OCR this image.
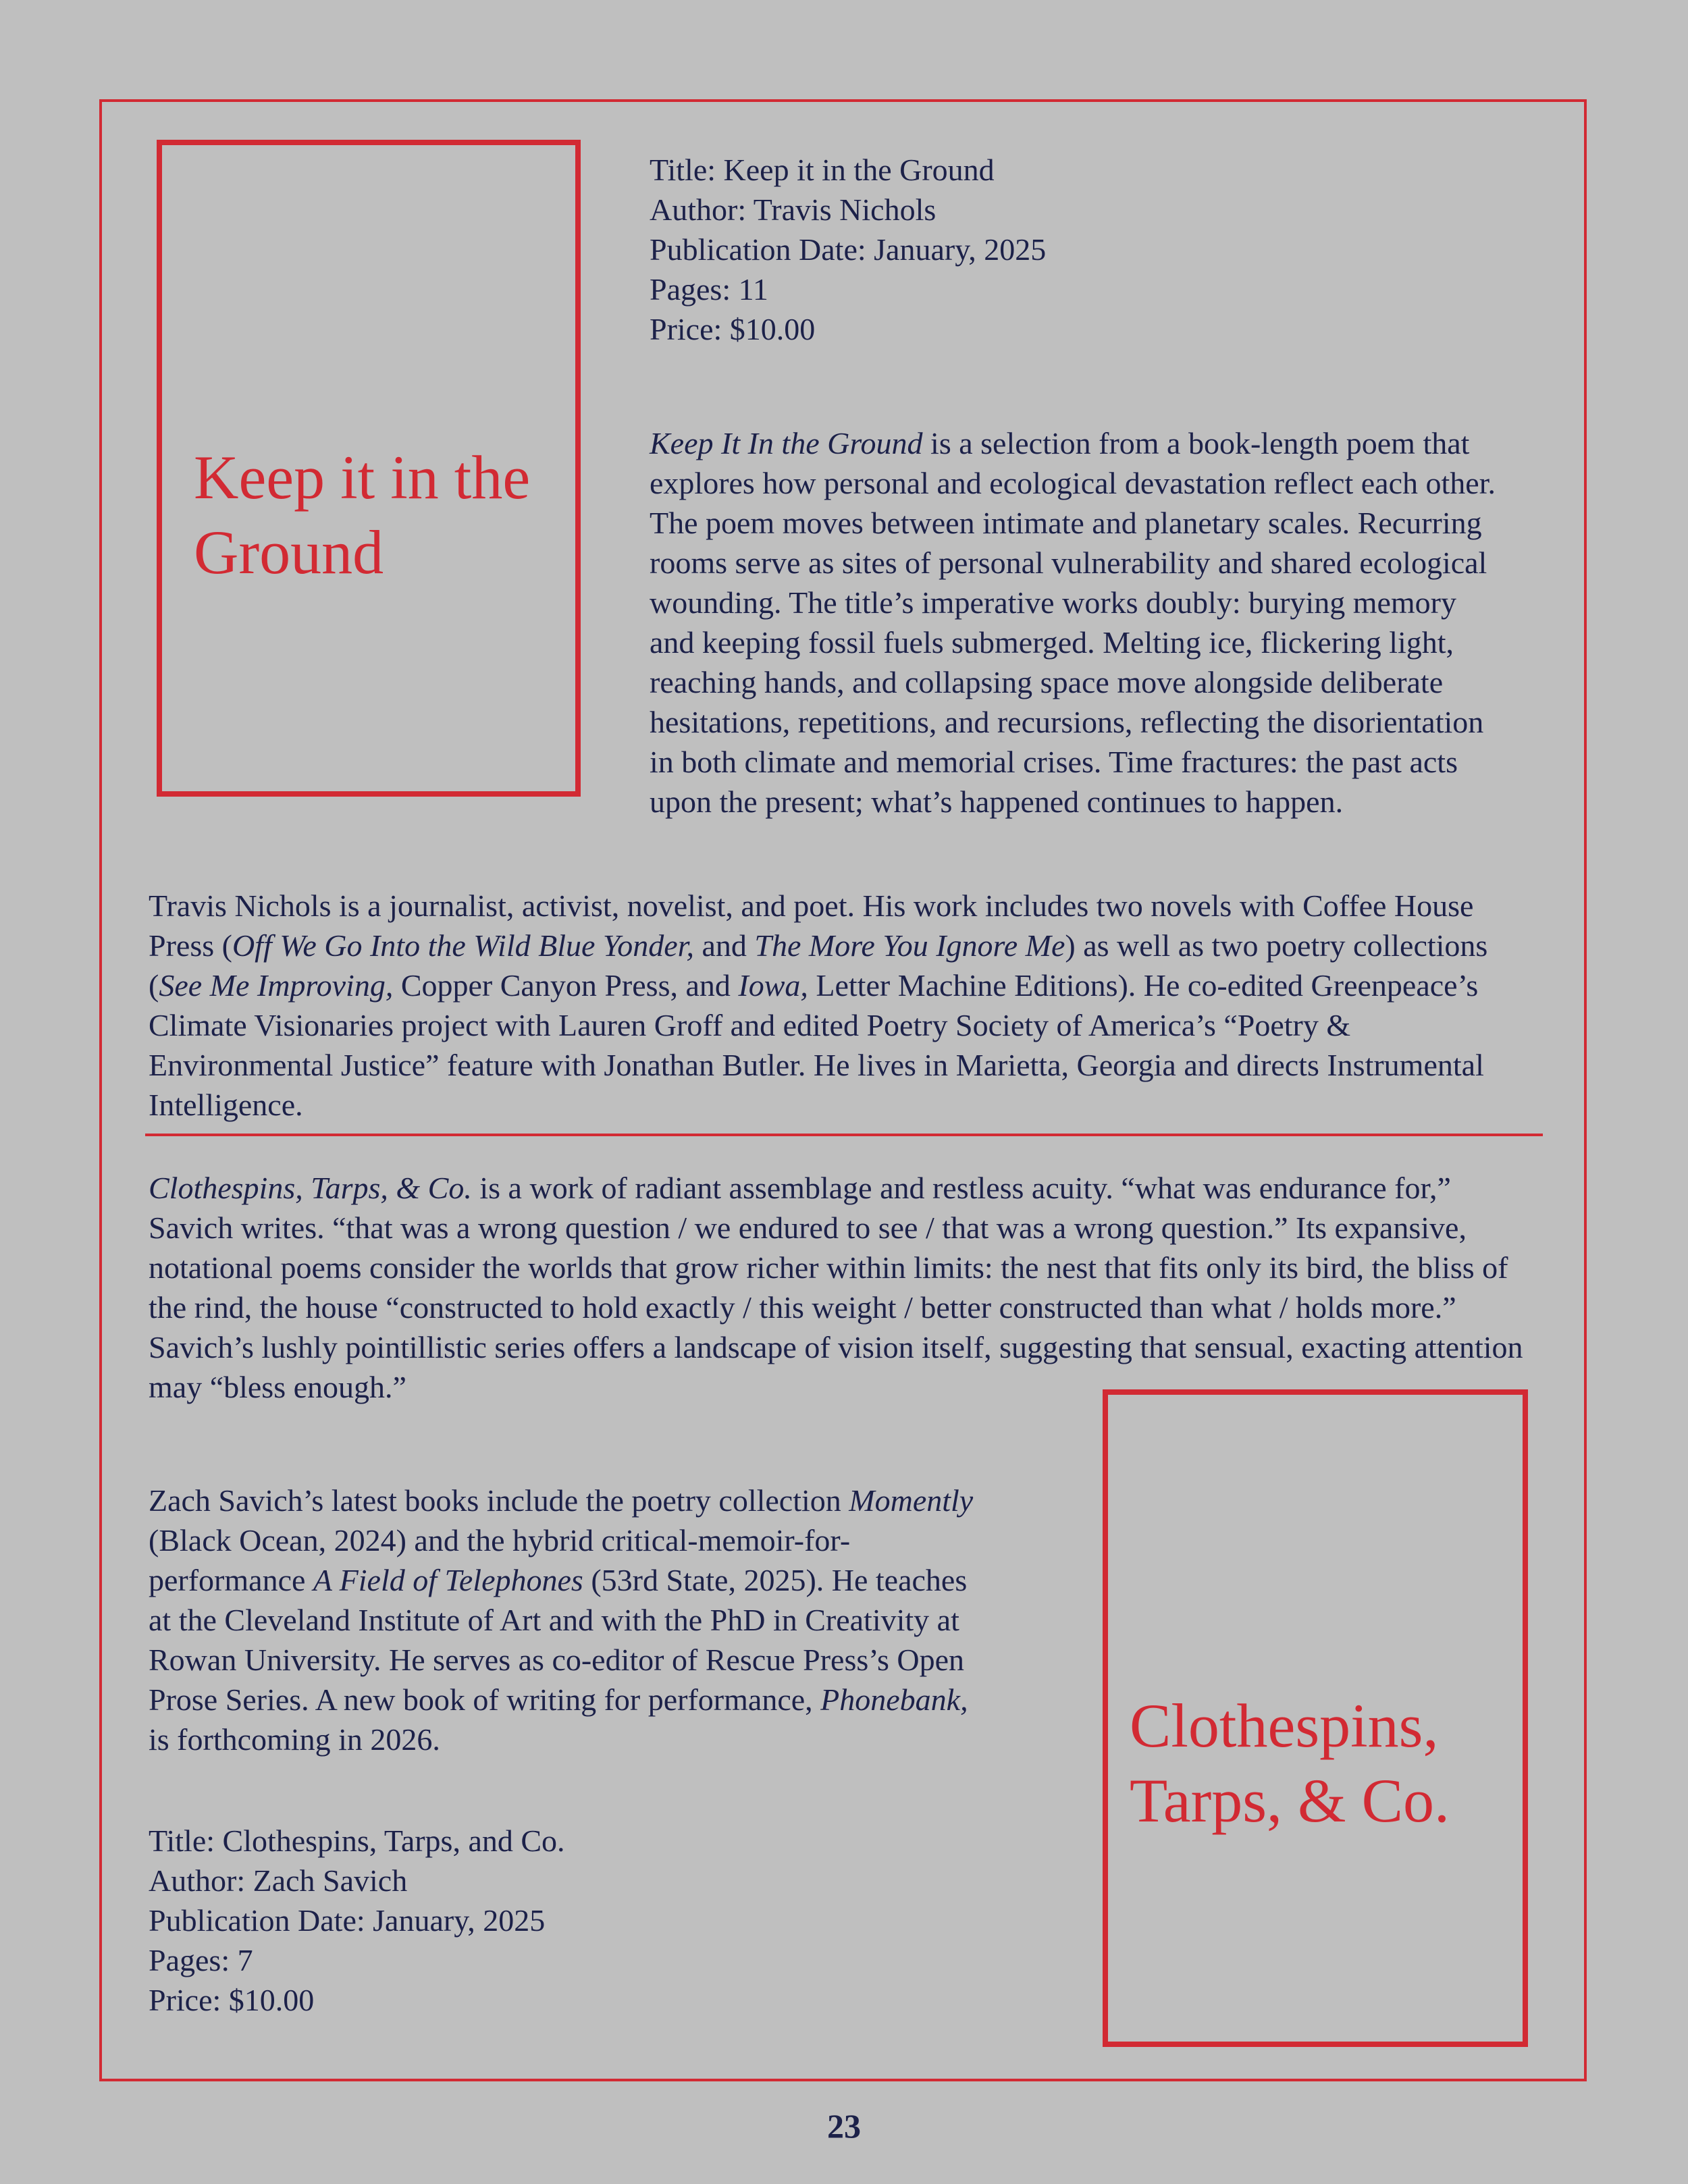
Keep it in the
Ground
Title: Keep it in the Ground
Author: Travis Nichols
Publication Date: January, 2025
Pages: 11
Price: $10.00

Keep It In the Ground is a selection from a book-length poem that explores how personal and ecological devastation reflect each other. The poem moves between intimate and planetary scales. Recurring rooms serve as sites of personal vulnerability and shared ecological wounding. The title’s imperative works doubly: burying memory and keeping fossil fuels submerged. Melting ice, flickering light, reaching hands, and collapsing space move alongside deliberate hesitations, repetitions, and recursions, reflecting the disorientation in both climate and memorial crises. Time fractures: the past acts upon the present; what’s happened continues to happen.

Travis Nichols is a journalist, activist, novelist, and poet. His work includes two novels with Coffee House Press (Off We Go Into the Wild Blue Yonder, and The More You Ignore Me) as well as two poetry collections (See Me Improving, Copper Canyon Press, and Iowa, Letter Machine Editions). He co-edited Greenpeace’s Climate Visionaries project with Lauren Groff and edited Poetry Society of America’s “Poetry & Environmental Justice” feature with Jonathan Butler. He lives in Marietta, Georgia and directs Instrumental Intelligence.

Clothespins, Tarps, & Co. is a work of radiant assemblage and restless acuity. “what was endurance for,” Savich writes. “that was a wrong question / we endured to see / that was a wrong question.” Its expansive, notational poems consider the worlds that grow richer within limits: the nest that fits only its bird, the bliss of the rind, the house “constructed to hold exactly / this weight / better constructed than what / holds more.” Savich’s lushly pointillistic series offers a landscape of vision itself, suggesting that sensual, exacting attention may “bless enough.”

Zach Savich’s latest books include the poetry collection Momently (Black Ocean, 2024) and the hybrid critical-memoir-for-performance A Field of Telephones (53rd State, 2025). He teaches at the Cleveland Institute of Art and with the PhD in Creativity at Rowan University. He serves as co-editor of Rescue Press’s Open Prose Series. A new book of writing for performance, Phonebank, is forthcoming in 2026.

Title: Clothespins, Tarps, and Co.
Author: Zach Savich
Publication Date: January, 2025
Pages: 7
Price: $10.00
Clothespins,
Tarps, & Co.
23
